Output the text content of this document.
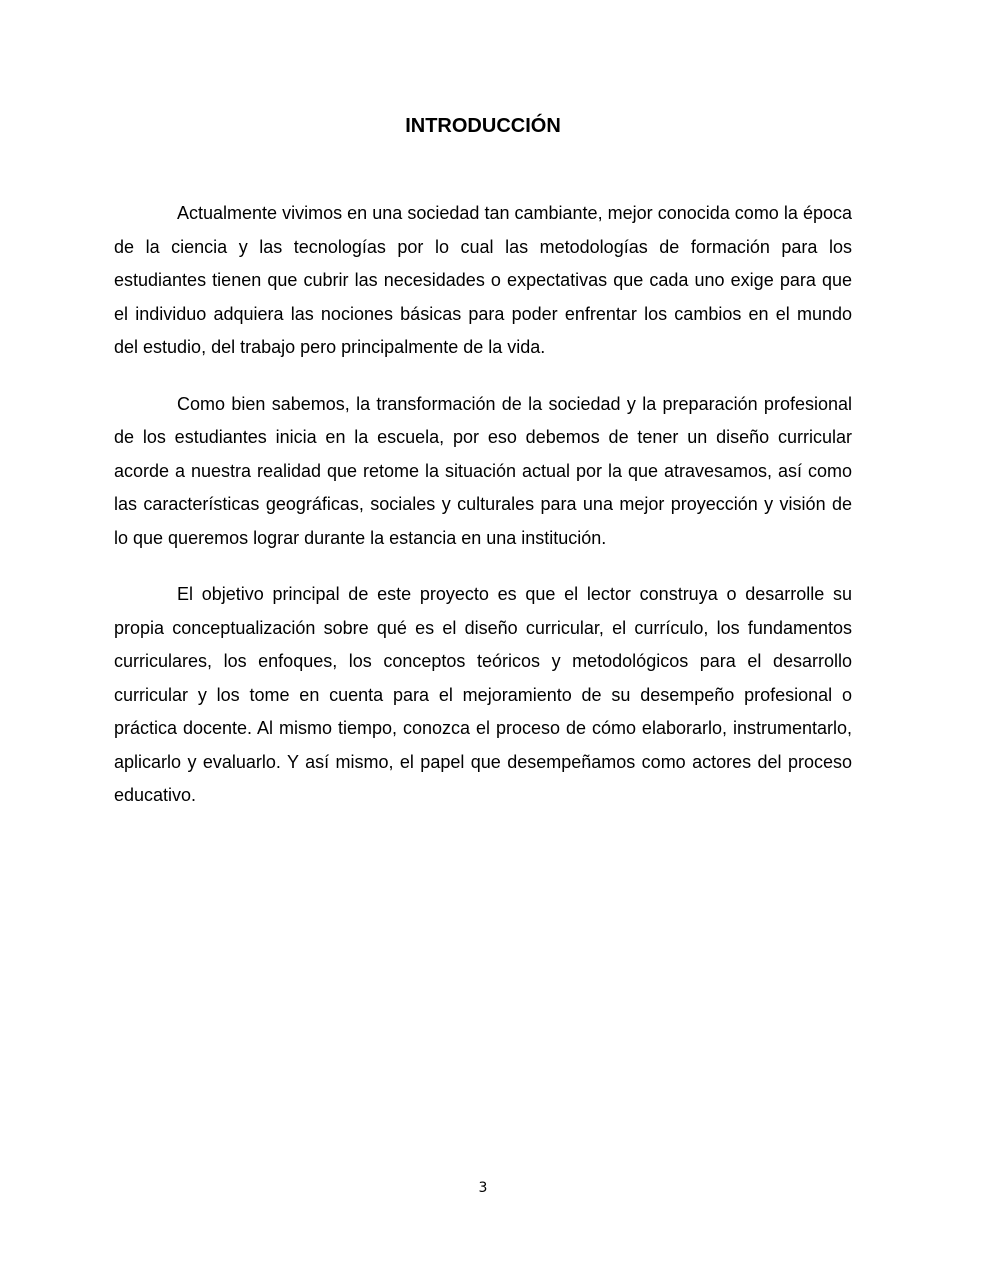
INTRODUCCIÓN

Actualmente vivimos en una sociedad tan cambiante, mejor conocida como la época de la ciencia y las tecnologías por lo cual las metodologías de formación para los estudiantes tienen que cubrir las necesidades o expectativas que cada uno exige para que el individuo adquiera las nociones básicas para poder enfrentar los cambios en el mundo del estudio, del trabajo pero principalmente de la vida.

Como bien sabemos, la transformación de la sociedad y la preparación profesional de los estudiantes inicia en la escuela, por eso debemos de tener un diseño curricular acorde a nuestra realidad que retome la situación actual por la que atravesamos, así como las características geográficas, sociales y culturales para una mejor proyección y visión de lo que queremos lograr durante la estancia en una institución.

El objetivo principal de este proyecto es que el lector construya o desarrolle su propia conceptualización sobre qué es el diseño curricular, el currículo, los fundamentos curriculares, los enfoques, los conceptos teóricos y metodológicos para el desarrollo curricular y los tome en cuenta para el mejoramiento de su desempeño profesional o práctica docente. Al mismo tiempo, conozca el proceso de cómo elaborarlo, instrumentarlo, aplicarlo y evaluarlo. Y así mismo, el papel que desempeñamos como actores del proceso educativo.

3
